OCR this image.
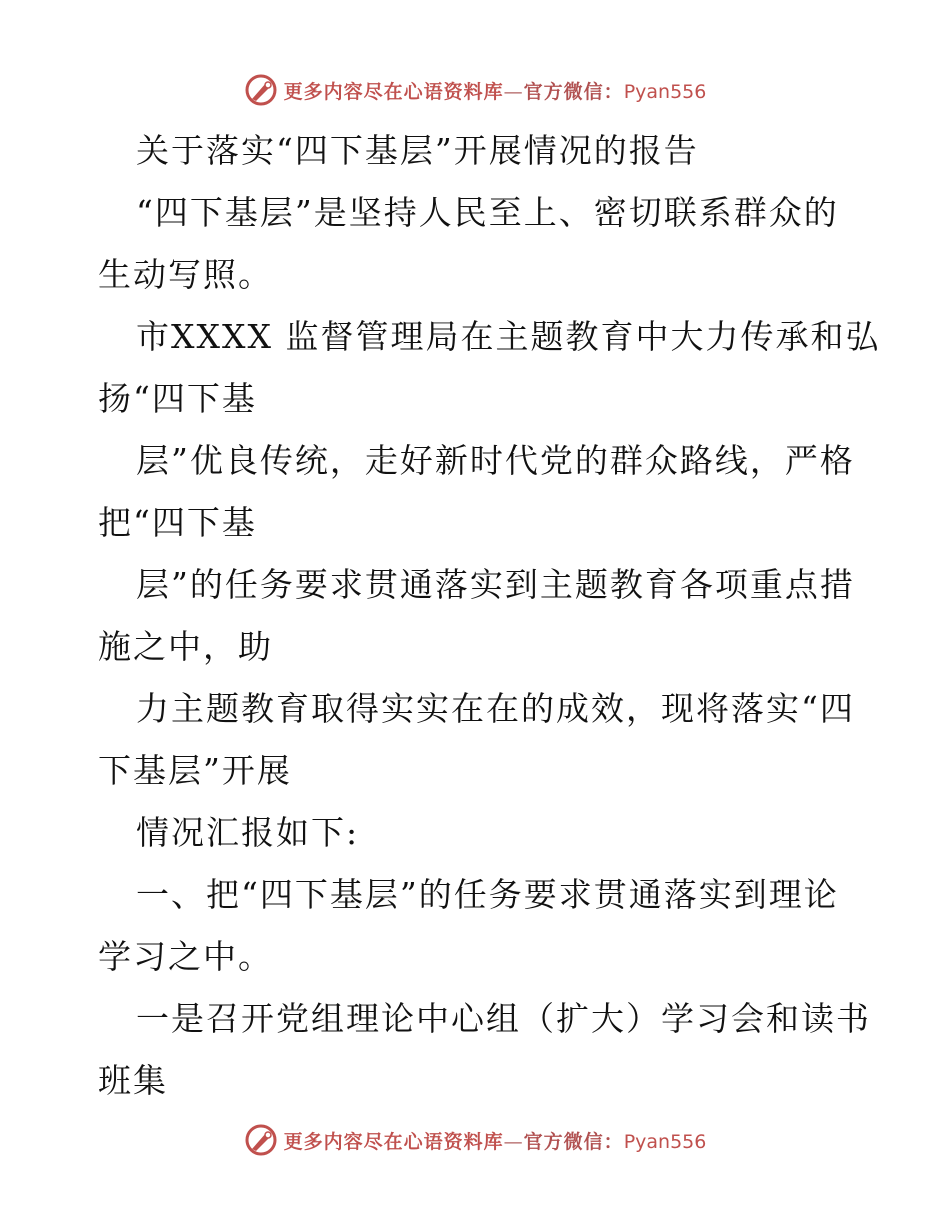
更多内容尽在心语资料库—官方微信：Pyan556
关于落实“四下基层”开展情况的报告
“四下基层”是坚持人民至上、密切联系群众的
生动写照。
市XXXX 监督管理局在主题教育中大力传承和弘
扬“四下基
层”优良传统，走好新时代党的群众路线，严格
把“四下基
层”的任务要求贯通落实到主题教育各项重点措
施之中，助
力主题教育取得实实在在的成效，现将落实“四
下基层”开展
情况汇报如下:
一、把“四下基层”的任务要求贯通落实到理论
学习之中。
一是召开党组理论中心组（扩大）学习会和读书
班集
更多内容尽在心语资料库—官方微信：Pyan556
